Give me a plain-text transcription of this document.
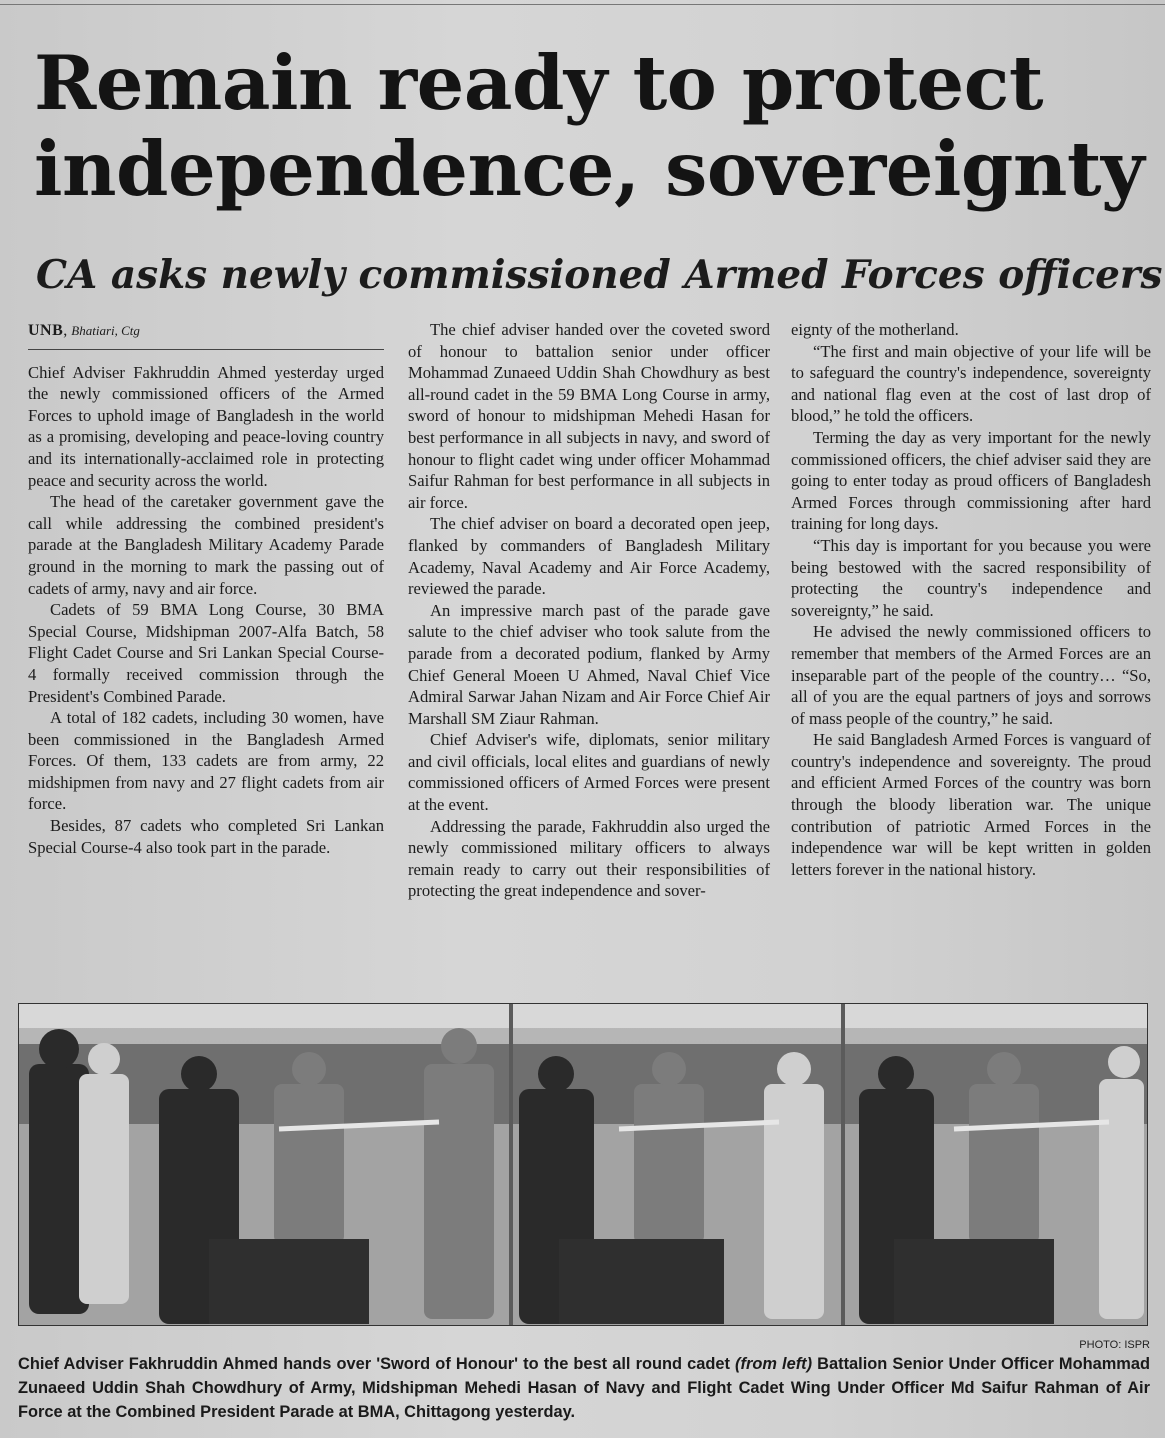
Remain ready to protect independence, sovereignty
CA asks newly commissioned Armed Forces officers
UNB, Bhatiari, Ctg

Chief Adviser Fakhruddin Ahmed yesterday urged the newly commissioned officers of the Armed Forces to uphold image of Bangladesh in the world as a promising, developing and peace-loving country and its internationally-acclaimed role in protecting peace and security across the world.

The head of the caretaker government gave the call while addressing the combined president's parade at the Bangladesh Military Academy Parade ground in the morning to mark the passing out of cadets of army, navy and air force.

Cadets of 59 BMA Long Course, 30 BMA Special Course, Midshipman 2007-Alfa Batch, 58 Flight Cadet Course and Sri Lankan Special Course-4 formally received commission through the President's Combined Parade.

A total of 182 cadets, including 30 women, have been commissioned in the Bangladesh Armed Forces. Of them, 133 cadets are from army, 22 midshipmen from navy and 27 flight cadets from air force.

Besides, 87 cadets who completed Sri Lankan Special Course-4 also took part in the parade.

The chief adviser handed over the coveted sword of honour to battalion senior under officer Mohammad Zunaeed Uddin Shah Chowdhury as best all-round cadet in the 59 BMA Long Course in army, sword of honour to midshipman Mehedi Hasan for best performance in all subjects in navy, and sword of honour to flight cadet wing under officer Mohammad Saifur Rahman for best performance in all subjects in air force.

The chief adviser on board a decorated open jeep, flanked by commanders of Bangladesh Military Academy, Naval Academy and Air Force Academy, reviewed the parade.

An impressive march past of the parade gave salute to the chief adviser who took salute from the parade from a decorated podium, flanked by Army Chief General Moeen U Ahmed, Naval Chief Vice Admiral Sarwar Jahan Nizam and Air Force Chief Air Marshall SM Ziaur Rahman.

Chief Adviser's wife, diplomats, senior military and civil officials, local elites and guardians of newly commissioned officers of Armed Forces were present at the event.

Addressing the parade, Fakhruddin also urged the newly commissioned military officers to always remain ready to carry out their responsibilities of protecting the great independence and sover-

eignty of the motherland.

“The first and main objective of your life will be to safeguard the country's independence, sovereignty and national flag even at the cost of last drop of blood,” he told the officers.

Terming the day as very important for the newly commissioned officers, the chief adviser said they are going to enter today as proud officers of Bangladesh Armed Forces through commissioning after hard training for long days.

“This day is important for you because you were being bestowed with the sacred responsibility of protecting the country's independence and sovereignty,” he said.

He advised the newly commissioned officers to remember that members of the Armed Forces are an inseparable part of the people of the country… “So, all of you are the equal partners of joys and sorrows of mass people of the country,” he said.

He said Bangladesh Armed Forces is vanguard of country's independence and sovereignty. The proud and efficient Armed Forces of the country was born through the bloody liberation war. The unique contribution of patriotic Armed Forces in the independence war will be kept written in golden letters forever in the national history.

PHOTO: ISPR

Chief Adviser Fakhruddin Ahmed hands over 'Sword of Honour' to the best all round cadet (from left) Battalion Senior Under Officer Mohammad Zunaeed Uddin Shah Chowdhury of Army, Midshipman Mehedi Hasan of Navy and Flight Cadet Wing Under Officer Md Saifur Rahman of Air Force at the Combined President Parade at BMA, Chittagong yesterday.
